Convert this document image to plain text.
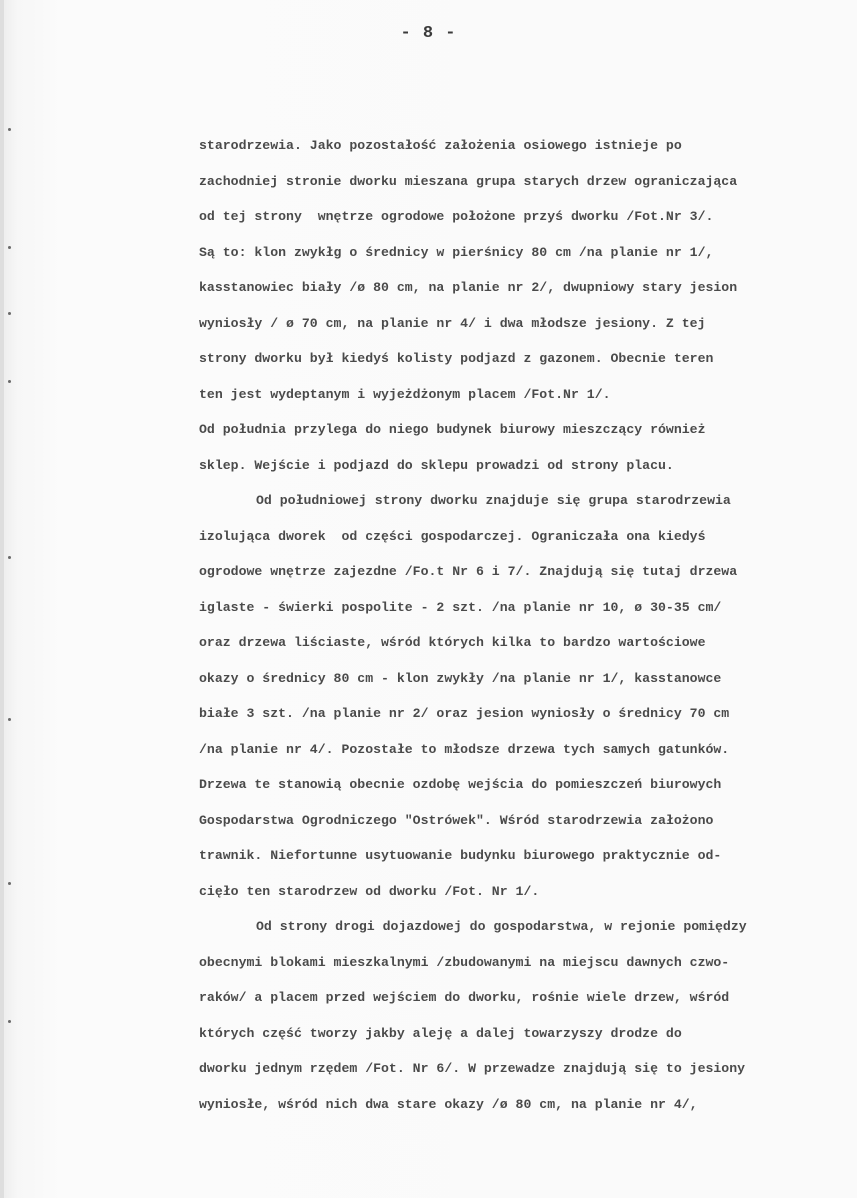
- 8 -
starodrzewia. Jako pozostałość założenia osiowego istnieje po
zachodniej stronie dworku mieszana grupa starych drzew ograniczająca
od tej strony  wnętrze ogrodowe położone przyś dworku /Fot.Nr 3/.
Są to: klon zwykłg o średnicy w pierśnicy 80 cm /na planie nr 1/,
kasstanowiec biały /ø 80 cm, na planie nr 2/, dwupniowy stary jesion
wyniosły / ø 70 cm, na planie nr 4/ i dwa młodsze jesiony. Z tej
strony dworku był kiedyś kolisty podjazd z gazonem. Obecnie teren
ten jest wydeptanym i wyjeżdżonym placem /Fot.Nr 1/.
Od południa przylega do niego budynek biurowy mieszczący również
sklep. Wejście i podjazd do sklepu prowadzi od strony placu.
Od południowej strony dworku znajduje się grupa starodrzewia
izolująca dworek  od części gospodarczej. Ograniczała ona kiedyś
ogrodowe wnętrze zajezdne /Fo.t Nr 6 i 7/. Znajdują się tutaj drzewa
iglaste - świerki pospolite - 2 szt. /na planie nr 10, ø 30-35 cm/
oraz drzewa liściaste, wśród których kilka to bardzo wartościowe
okazy o średnicy 80 cm - klon zwykły /na planie nr 1/, kasstanowce
białe 3 szt. /na planie nr 2/ oraz jesion wyniosły o średnicy 70 cm
/na planie nr 4/. Pozostałe to młodsze drzewa tych samych gatunków.
Drzewa te stanowią obecnie ozdobę wejścia do pomieszczeń biurowych
Gospodarstwa Ogrodniczego "Ostrówek". Wśród starodrzewia założono
trawnik. Niefortunne usytuowanie budynku biurowego praktycznie od-
cięło ten starodrzew od dworku /Fot. Nr 1/.
Od strony drogi dojazdowej do gospodarstwa, w rejonie pomiędzy
obecnymi blokami mieszkalnymi /zbudowanymi na miejscu dawnych czwo-
raków/ a placem przed wejściem do dworku, rośnie wiele drzew, wśród
których część tworzy jakby aleję a dalej towarzyszy drodze do
dworku jednym rzędem /Fot. Nr 6/. W przewadze znajdują się to jesiony
wyniosłe, wśród nich dwa stare okazy /ø 80 cm, na planie nr 4/,
